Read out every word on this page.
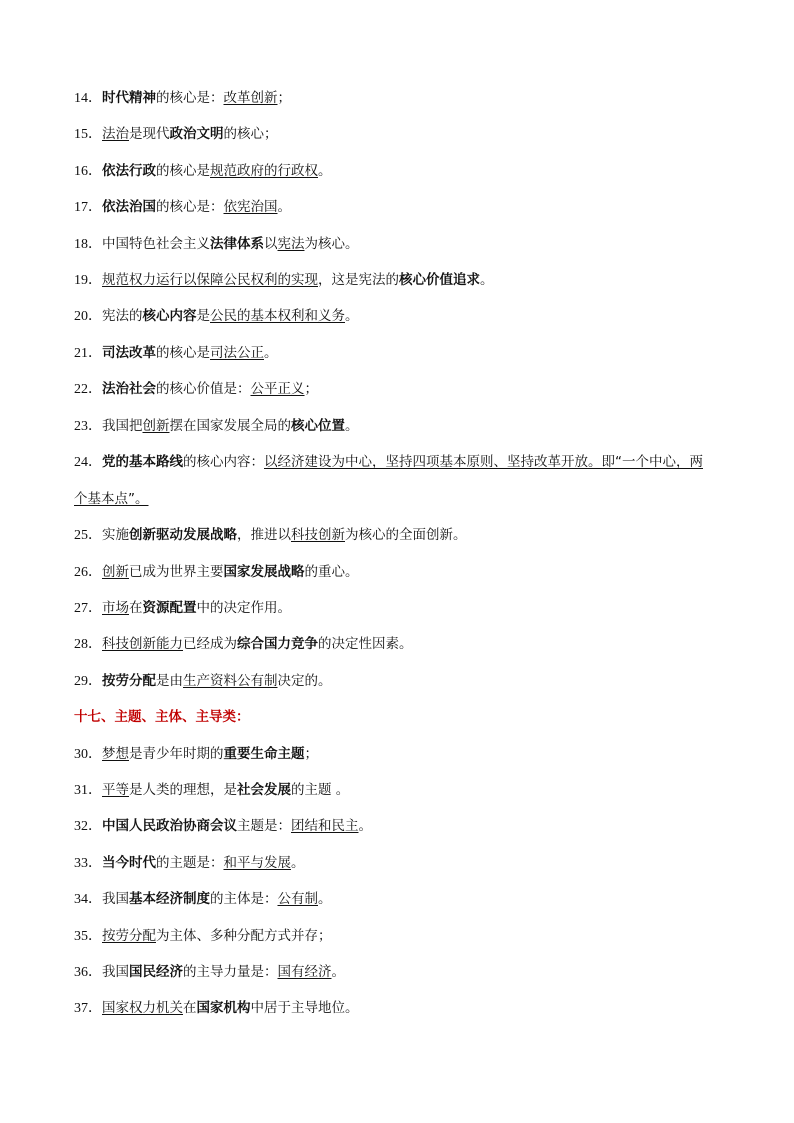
14．时代精神的核心是：改革创新；
15．法治是现代政治文明的核心；
16．依法行政的核心是规范政府的行政权。
17．依法治国的核心是：依宪治国。
18．中国特色社会主义法律体系以宪法为核心。
19．规范权力运行以保障公民权利的实现，这是宪法的核心价值追求。
20．宪法的核心内容是公民的基本权利和义务。
21．司法改革的核心是司法公正。
22．法治社会的核心价值是：公平正义；
23．我国把创新摆在国家发展全局的核心位置。
24．党的基本路线的核心内容：以经济建设为中心，坚持四项基本原则、坚持改革开放。即“一个中心，两
个基本点”。
25．实施创新驱动发展战略，推进以科技创新为核心的全面创新。
26．创新已成为世界主要国家发展战略的重心。
27．市场在资源配置中的决定作用。
28．科技创新能力已经成为综合国力竞争的决定性因素。
29．按劳分配是由生产资料公有制决定的。
十七、主题、主体、主导类：
30．梦想是青少年时期的重要生命主题；
31．平等是人类的理想，是社会发展的主题 。
32．中国人民政治协商会议主题是：团结和民主。
33．当今时代的主题是：和平与发展。
34．我国基本经济制度的主体是：公有制。
35．按劳分配为主体、多种分配方式并存；
36．我国国民经济的主导力量是：国有经济。
37．国家权力机关在国家机构中居于主导地位。
